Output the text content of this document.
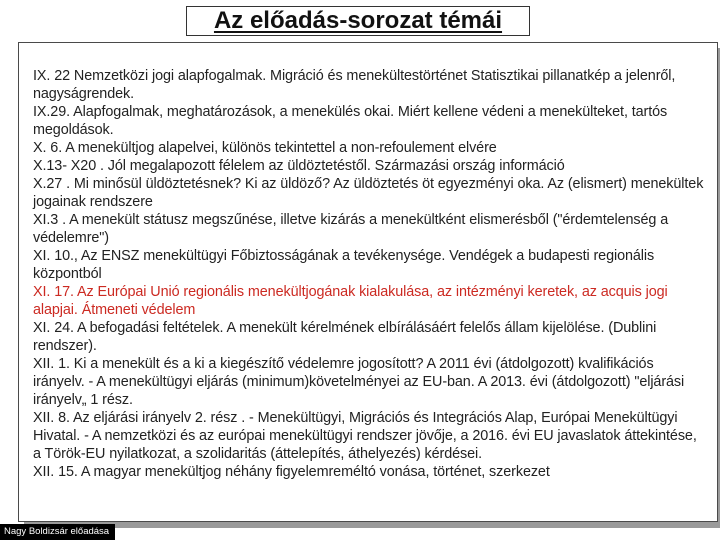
Az előadás-sorozat témái
IX. 22 Nemzetközi jogi alapfogalmak. Migráció és menekültestörténet Statisztikai pillanatkép a jelenről, nagyságrendek.
IX.29. Alapfogalmak, meghatározások, a menekülés okai. Miért kellene védeni a menekülteket, tartós megoldások.
X. 6. A menekültjog alapelvei, különös tekintettel a non-refoulement elvére
X.13- X20 . Jól megalapozott félelem az üldöztetéstől. Származási ország információ
X.27 . Mi minősül üldöztetésnek? Ki az üldöző? Az üldöztetés öt egyezményi oka. Az (elismert) menekültek jogainak rendszere
XI.3 . A menekült státusz megszűnése, illetve kizárás a menekültként elismerésből ("érdemtelenség a védelemre")
XI. 10., Az ENSZ menekültügyi Főbiztosságának a tevékenysége. Vendégek a budapesti regionális központból
XI. 17. Az Európai Unió regionális menekültjogának kialakulása, az intézményi keretek, az acquis jogi alapjai. Átmeneti védelem
XI. 24. A befogadási feltételek. A menekült kérelmének elbírálásáért felelős állam kijelölése. (Dublini rendszer).
XII. 1. Ki a menekült és a ki a kiegészítő védelemre jogosított? A 2011 évi (átdolgozott) kvalifikációs irányelv. - A menekültügyi eljárás (minimum)követelményei az EU-ban. A 2013. évi (átdolgozott) "eljárási irányelv„ 1 rész.
XII. 8. Az eljárási irányelv 2. rész . - Menekültügyi, Migrációs és Integrációs Alap, Európai Menekültügyi Hivatal. - A nemzetközi és az európai menekültügyi rendszer jövője, a 2016. évi EU javaslatok áttekintése, a Török-EU nyilatkozat, a szolidaritás (áttelepítés, áthelyezés) kérdései.
XII. 15. A magyar menekültjog néhány figyelemreméltó vonása, történet, szerkezet
Nagy Boldizsár előadása
